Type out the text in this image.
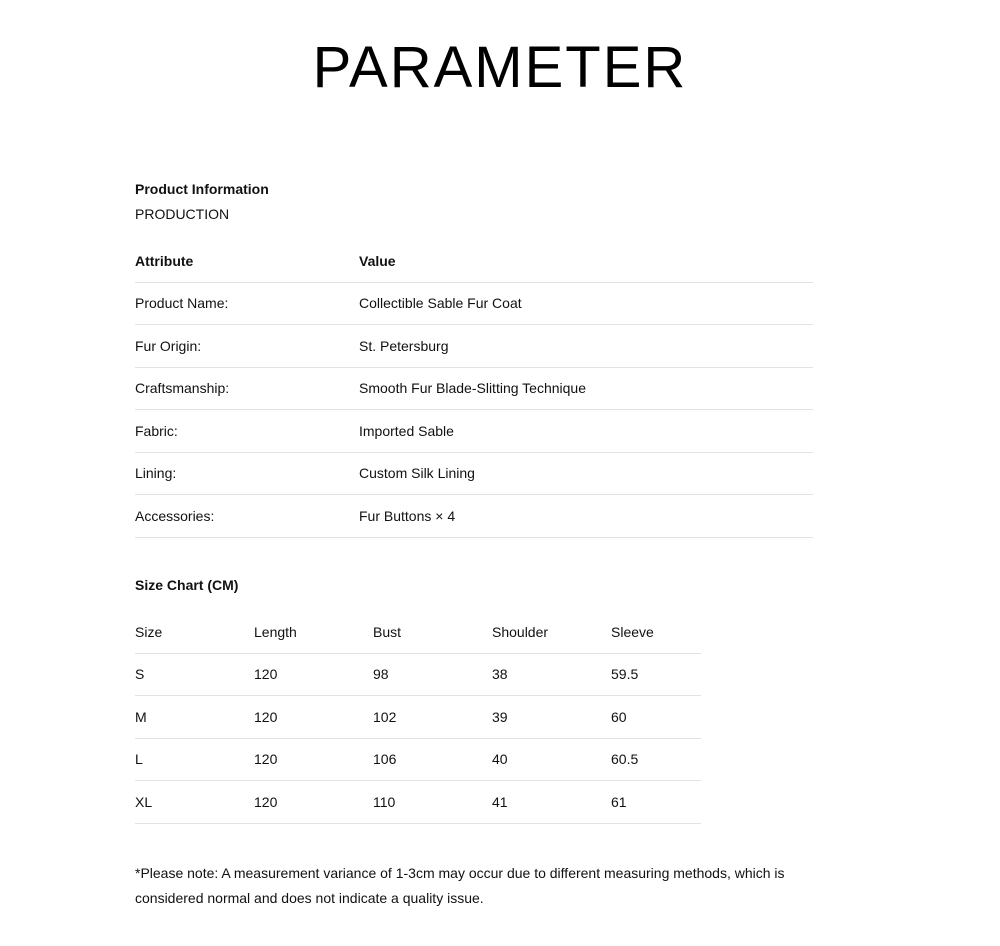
PARAMETER
Product Information
PRODUCTION
Attribute	Value
Product Name:	Collectible Sable Fur Coat
Fur Origin:	St. Petersburg
Craftsmanship:	Smooth Fur Blade-Slitting Technique
Fabric:	Imported Sable
Lining:	Custom Silk Lining
Accessories:	Fur Buttons × 4
Size Chart (CM)
Size	Length	Bust	Shoulder	Sleeve
S	120	98	38	59.5
M	120	102	39	60
L	120	106	40	60.5
XL	120	110	41	61
*Please note: A measurement variance of 1-3cm may occur due to different measuring methods, which is considered normal and does not indicate a quality issue.
